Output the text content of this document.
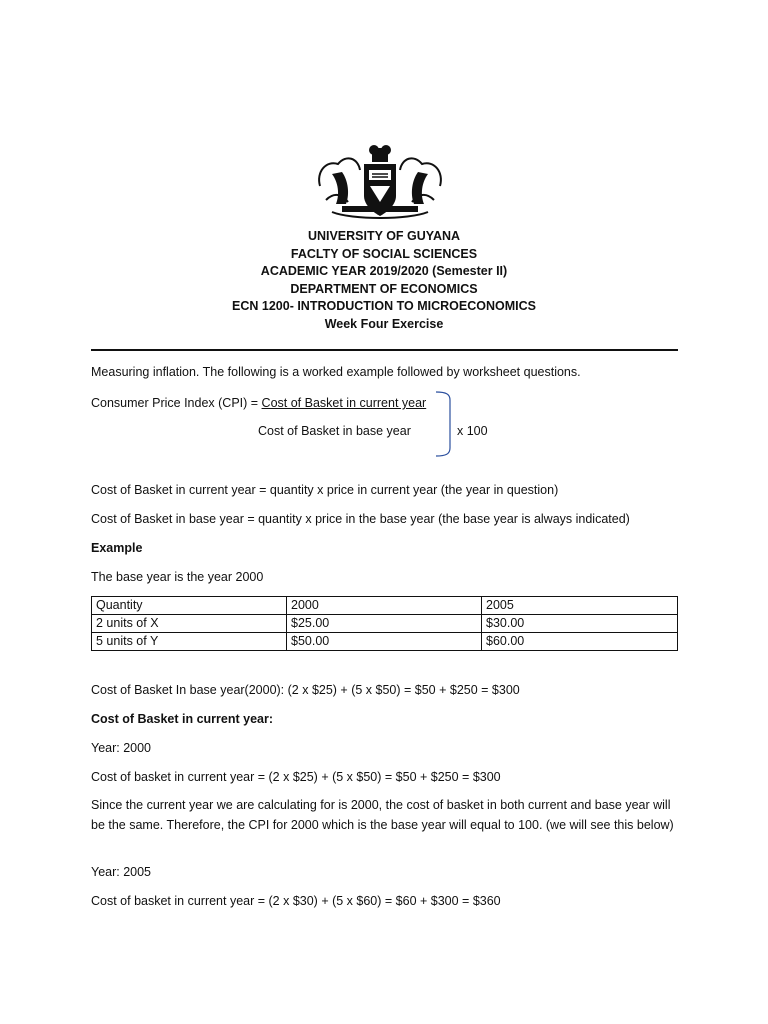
UNIVERSITY OF GUYANA
FACLTY OF SOCIAL SCIENCES
ACADEMIC YEAR 2019/2020 (Semester II)
DEPARTMENT OF ECONOMICS
ECN 1200- INTRODUCTION TO MICROECONOMICS
Week Four Exercise
Measuring inflation. The following is a worked example followed by worksheet questions.
Consumer Price Index (CPI) = Cost of Basket in current year
Cost of Basket in base year	x 100
Cost of Basket in current year = quantity x price in current year (the year in question)
Cost of Basket in base year = quantity x price in the base year (the base year is always indicated)
Example
The base year is the year 2000
Quantity	2000	2005
2 units of X	$25.00	$30.00
5 units of Y	$50.00	$60.00
Cost of Basket In base year(2000): (2 x $25) + (5 x $50) = $50 + $250 = $300
Cost of Basket in current year:
Year: 2000
Cost of basket in current year = (2 x $25) + (5 x $50) = $50 + $250 = $300
Since the current year we are calculating for is 2000, the cost of basket in both current and base year will be the same. Therefore, the CPI for 2000 which is the base year will equal to 100. (we will see this below)
Year: 2005
Cost of basket in current year = (2 x $30) + (5 x $60) = $60 + $300 = $360
